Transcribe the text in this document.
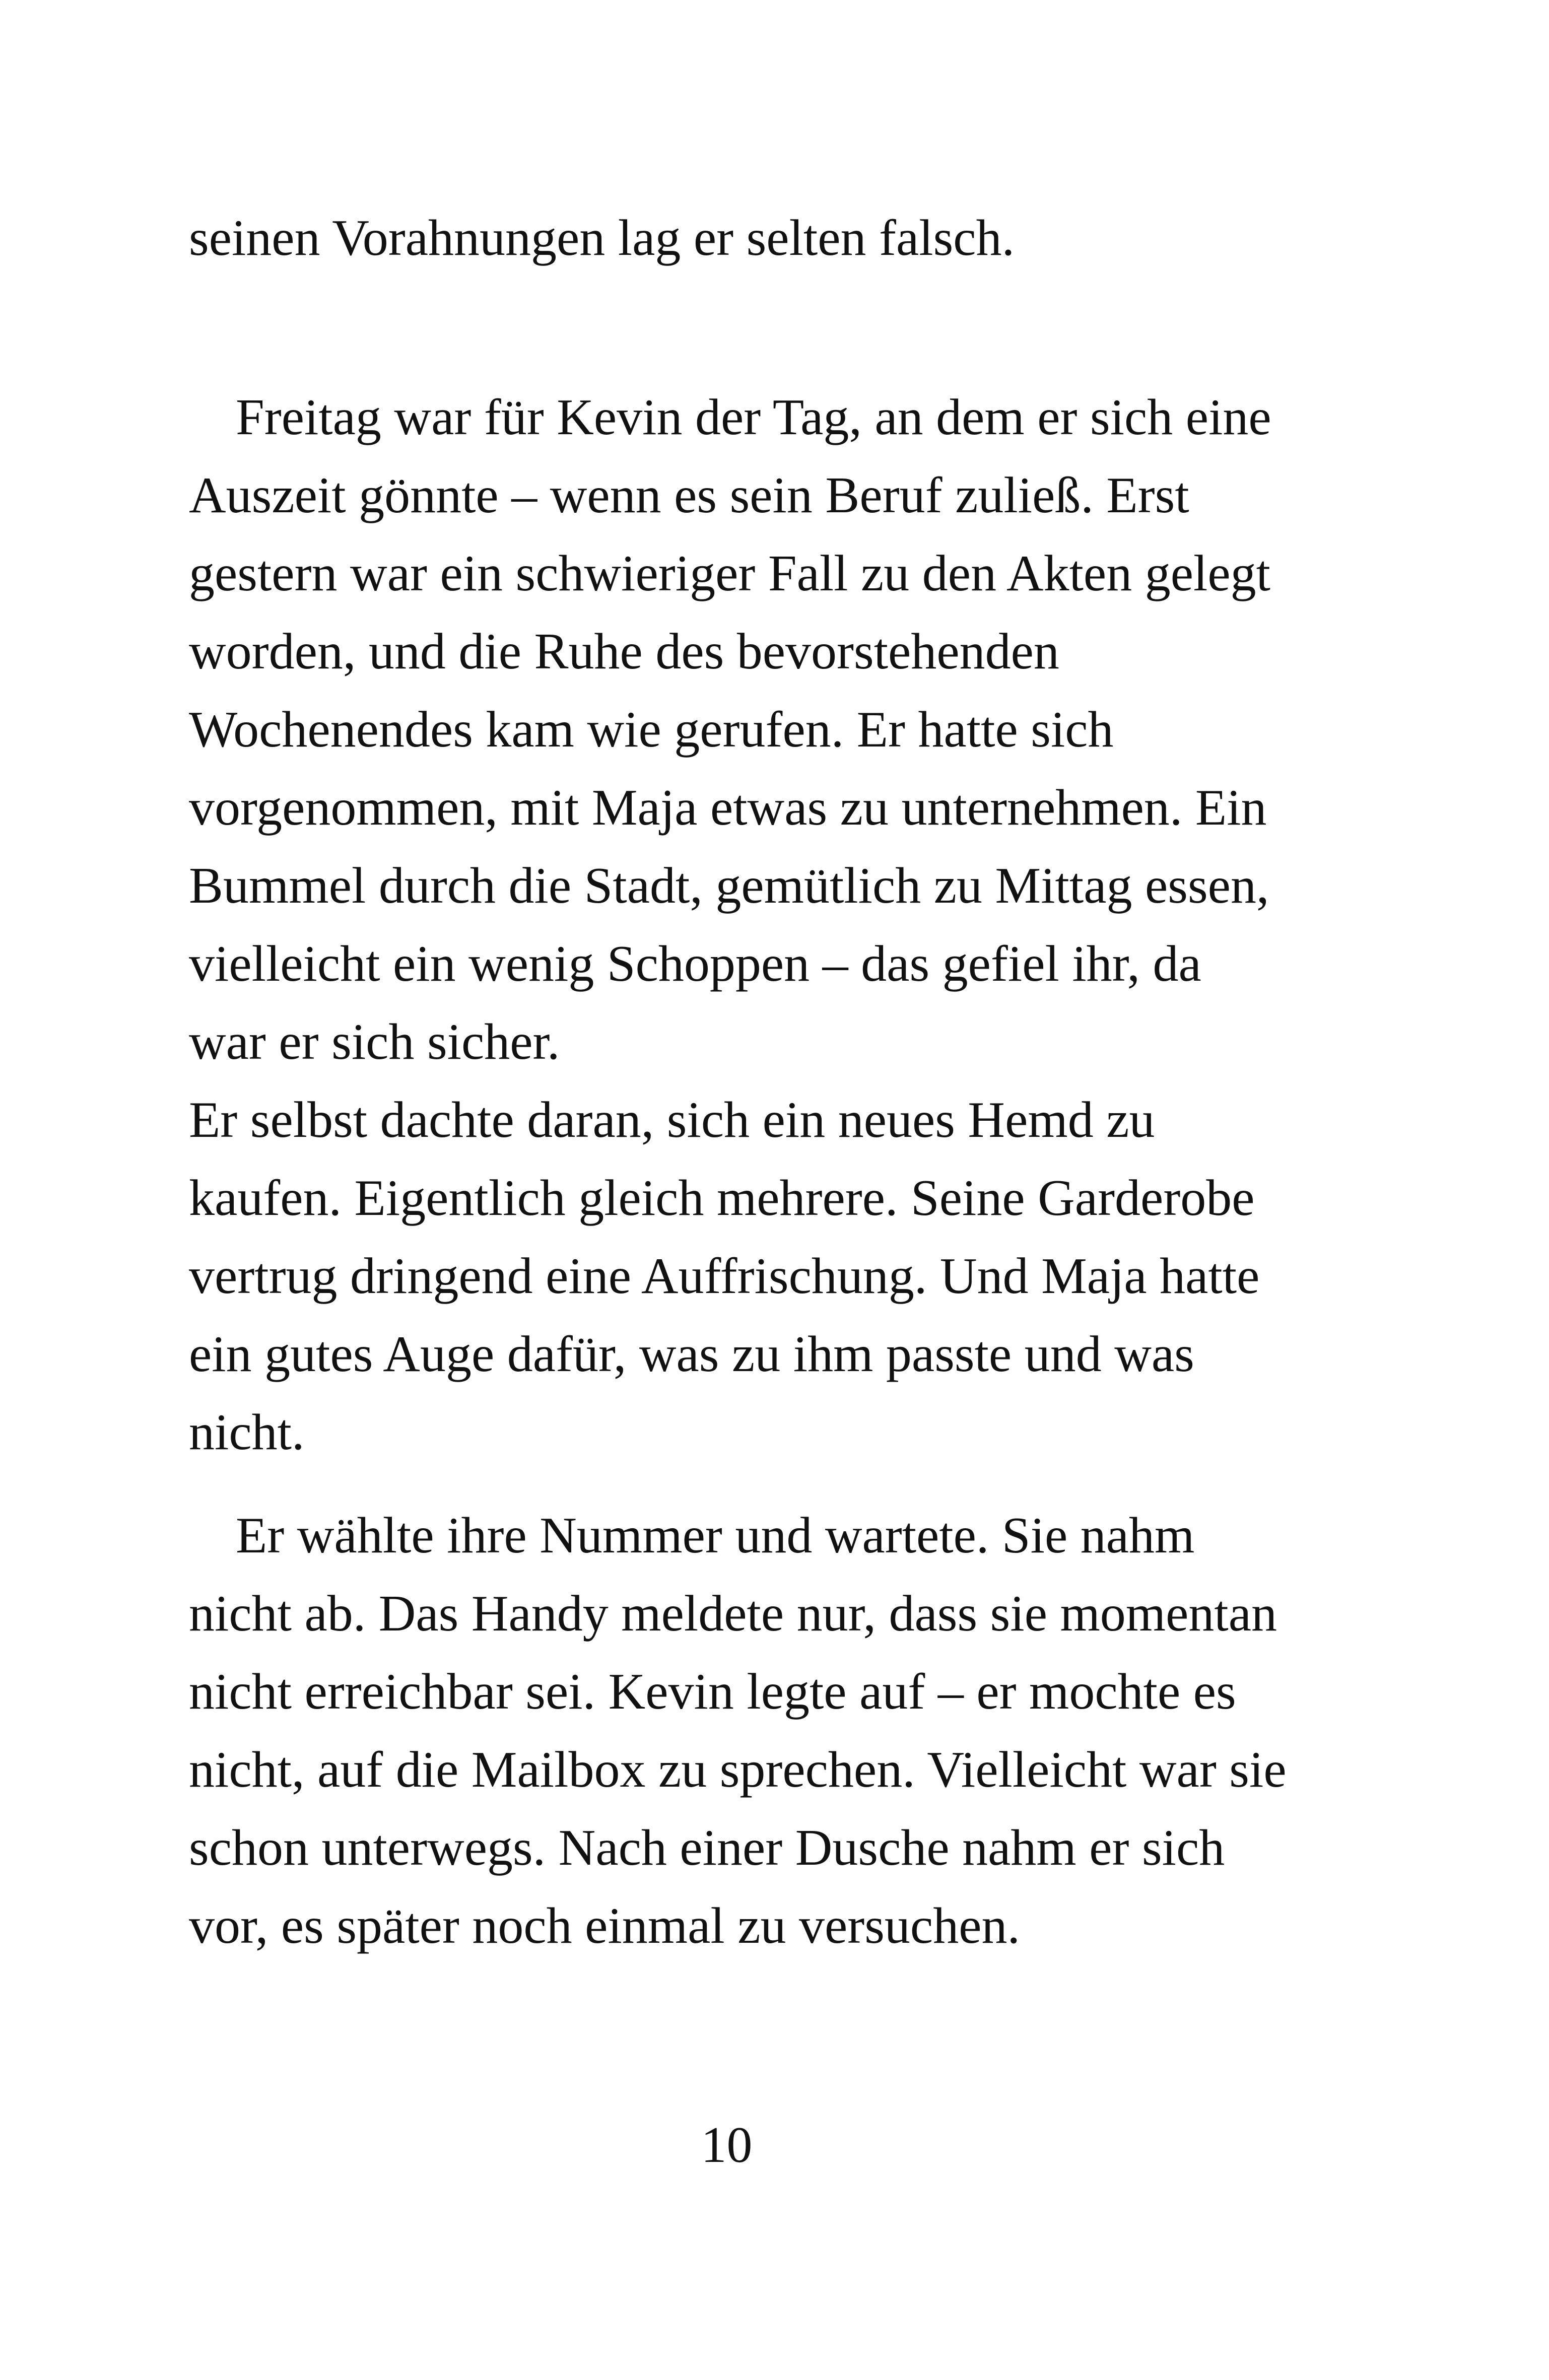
seinen Vorahnungen lag er selten falsch.
Freitag war für Kevin der Tag, an dem er sich eine
Auszeit gönnte – wenn es sein Beruf zuließ. Erst
gestern war ein schwieriger Fall zu den Akten gelegt
worden, und die Ruhe des bevorstehenden
Wochenendes kam wie gerufen. Er hatte sich
vorgenommen, mit Maja etwas zu unternehmen. Ein
Bummel durch die Stadt, gemütlich zu Mittag essen,
vielleicht ein wenig Schoppen – das gefiel ihr, da
war er sich sicher.
Er selbst dachte daran, sich ein neues Hemd zu
kaufen. Eigentlich gleich mehrere. Seine Garderobe
vertrug dringend eine Auffrischung. Und Maja hatte
ein gutes Auge dafür, was zu ihm passte und was
nicht.
Er wählte ihre Nummer und wartete. Sie nahm
nicht ab. Das Handy meldete nur, dass sie momentan
nicht erreichbar sei. Kevin legte auf – er mochte es
nicht, auf die Mailbox zu sprechen. Vielleicht war sie
schon unterwegs. Nach einer Dusche nahm er sich
vor, es später noch einmal zu versuchen.
10
